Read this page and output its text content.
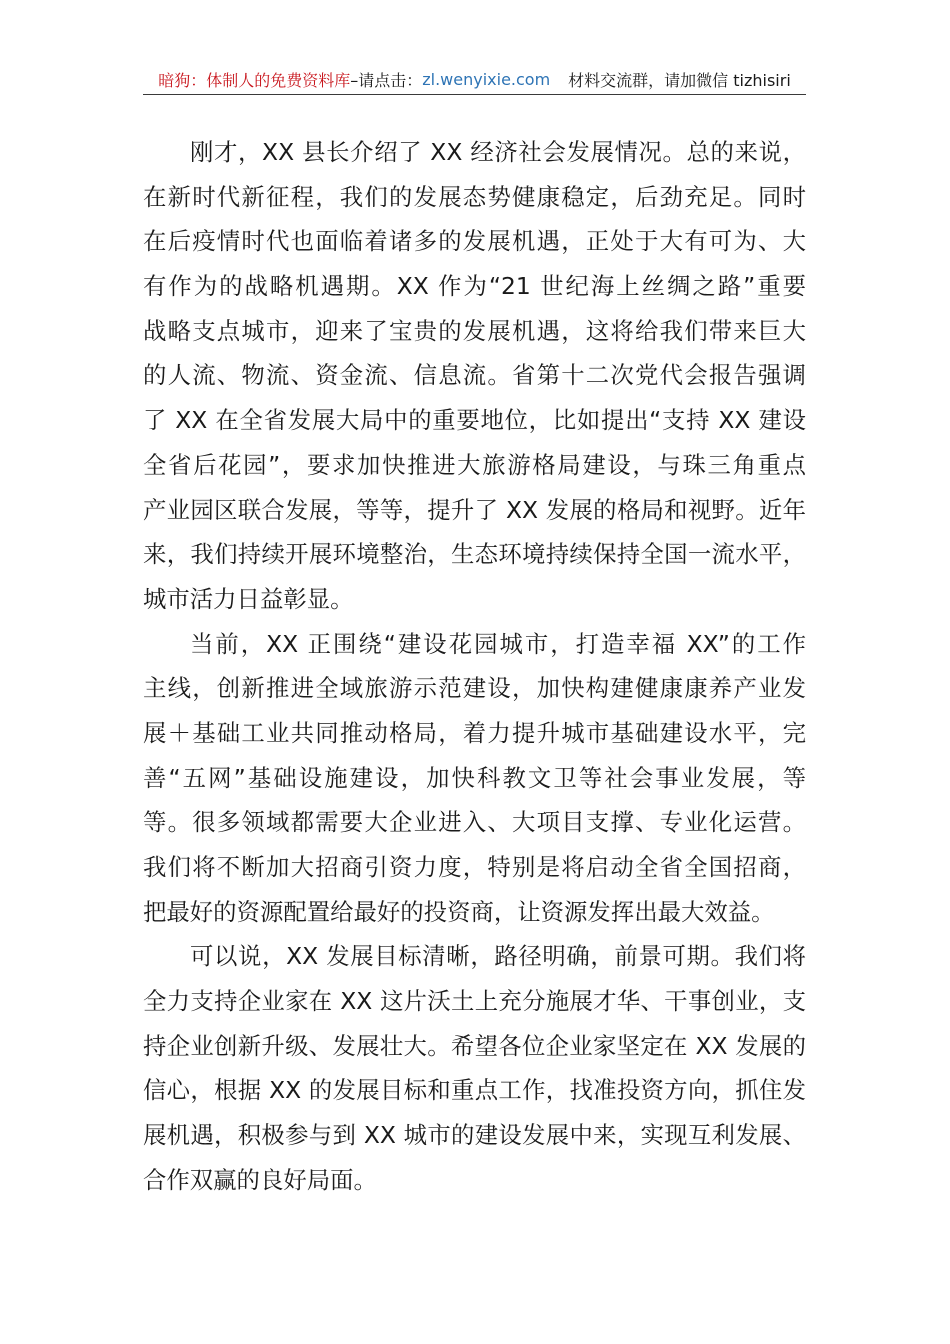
暗狗：体制人的免费资料库 –请点击： zl.wenyixie.com 材料交流群，请加微信 tizhisiri
刚才，XX 县长介绍了 XX 经济社会发展情况。总的来说，
在新时代新征程，我们的发展态势健康稳定，后劲充足。同时
在后疫情时代也面临着诸多的发展机遇，正处于大有可为、大
有作为的战略机遇期。XX 作为“21 世纪海上丝绸之路”重要
战略支点城市，迎来了宝贵的发展机遇，这将给我们带来巨大
的人流、物流、资金流、信息流。省第十二次党代会报告强调
了 XX 在全省发展大局中的重要地位，比如提出“支持 XX 建设
全省后花园”，要求加快推进大旅游格局建设，与珠三角重点
产业园区联合发展，等等，提升了 XX 发展的格局和视野。近年
来，我们持续开展环境整治，生态环境持续保持全国一流水平，
城市活力日益彰显。
当前，XX 正围绕“建设花园城市，打造幸福 XX”的工作
主线，创新推进全域旅游示范建设，加快构建健康康养产业发
展＋基础工业共同推动格局，着力提升城市基础建设水平，完
善“五网”基础设施建设，加快科教文卫等社会事业发展，等
等。很多领域都需要大企业进入、大项目支撑、专业化运营。
我们将不断加大招商引资力度，特别是将启动全省全国招商，
把最好的资源配置给最好的投资商，让资源发挥出最大效益。
可以说，XX 发展目标清晰，路径明确，前景可期。我们将
全力支持企业家在 XX 这片沃土上充分施展才华、干事创业，支
持企业创新升级、发展壮大。希望各位企业家坚定在 XX 发展的
信心，根据 XX 的发展目标和重点工作，找准投资方向，抓住发
展机遇，积极参与到 XX 城市的建设发展中来，实现互利发展、
合作双赢的良好局面。
